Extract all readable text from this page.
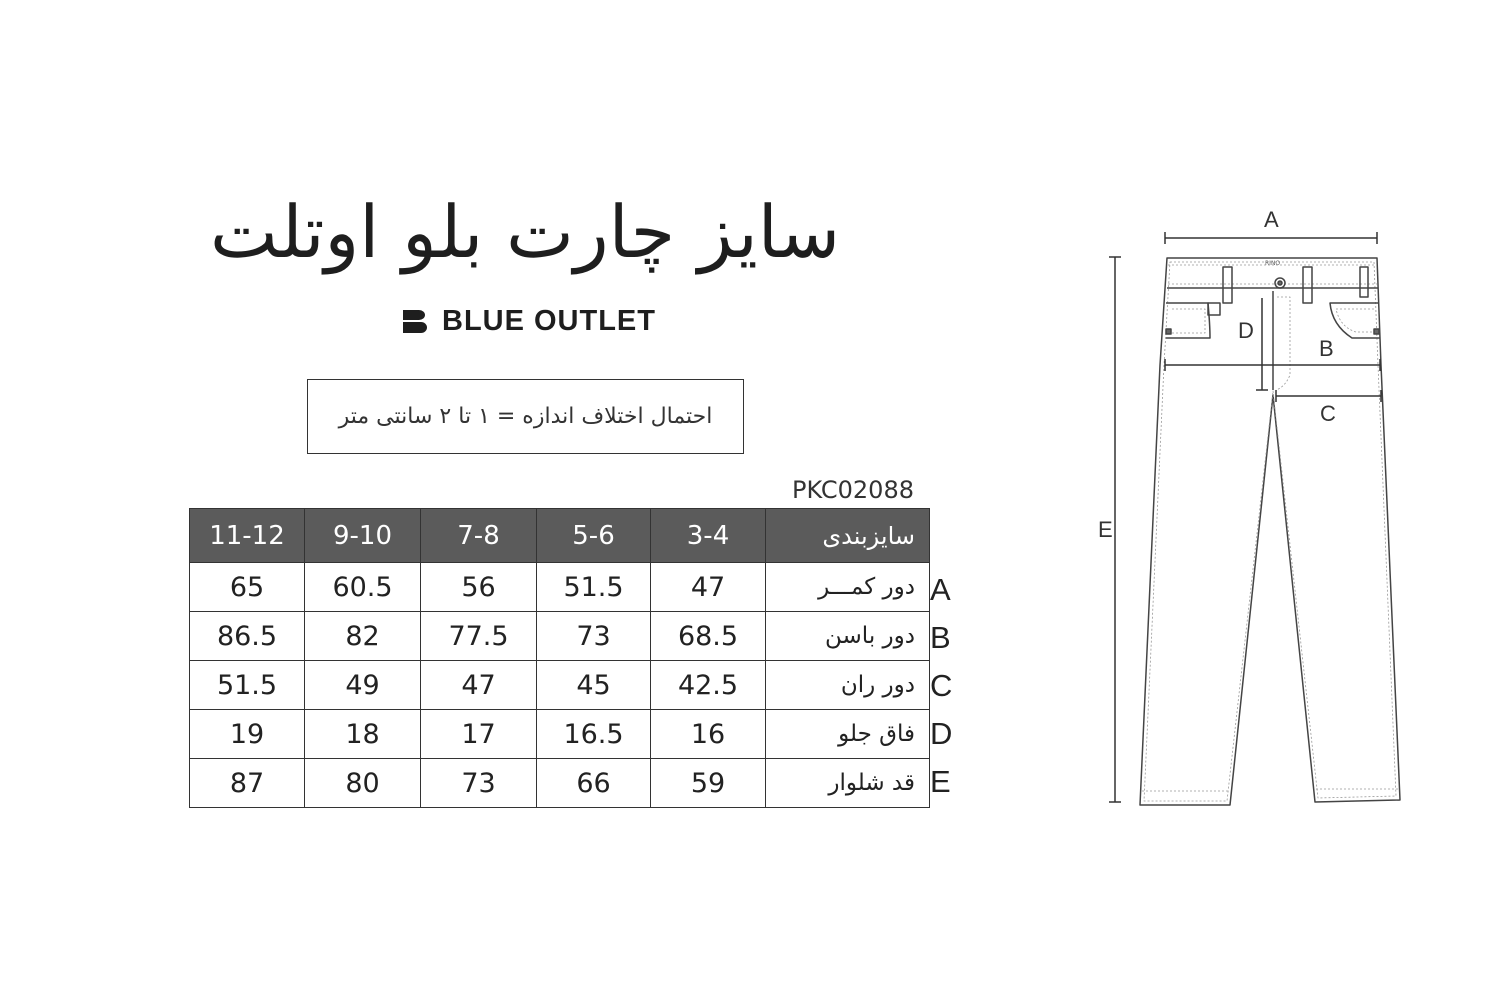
سایز چارت بلو اوتلت
BLUE OUTLET
احتمال اختلاف اندازه = ۱ تا ۲ سانتی متر
PKC02088
11-12	9-10	7-8	5-6	3-4	سایزبندی
65	60.5	56	51.5	47	دور کمـــر
86.5	82	77.5	73	68.5	دور باسن
51.5	49	47	45	42.5	دور ران
19	18	17	16.5	16	فاق جلو
87	80	73	66	59	قد شلوار
A
B
C
D
E
A
E
RINO
D
B
C
